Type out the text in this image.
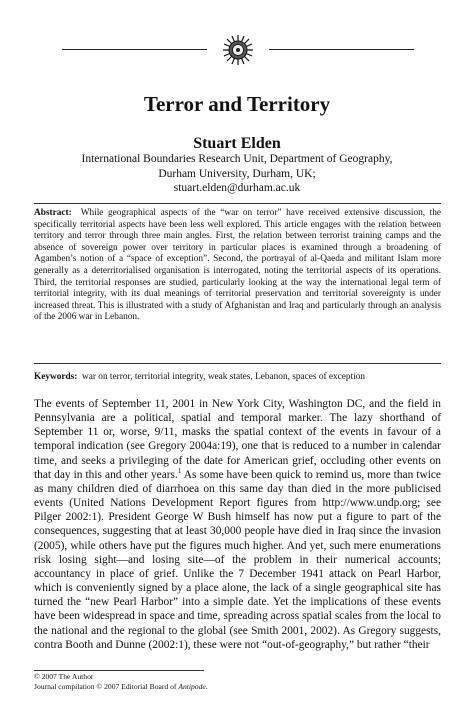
Terror and Territory
Stuart Elden
International Boundaries Research Unit, Department of Geography,
Durham University, Durham, UK;
stuart.elden@durham.ac.uk

Abstract: While geographical aspects of the “war on terror” have received extensive discussion, the specifically territorial aspects have been less well explored. This article engages with the relation between territory and terror through three main angles. First, the relation between terrorist training camps and the absence of sovereign power over territory in particular places is examined through a broadening of Agamben’s notion of a “space of exception”. Second, the portrayal of al-Qaeda and militant Islam more generally as a deterritorialised organisation is interrogated, noting the territorial aspects of its operations. Third, the territorial responses are studied, particularly looking at the way the international legal term of territorial integrity, with its dual meanings of territorial preservation and territorial sovereignty is under increased threat. This is illustrated with a study of Afghanistan and Iraq and particularly through an analysis of the 2006 war in Lebanon.

Keywords: war on terror, territorial integrity, weak states, Lebanon, spaces of exception

The events of September 11, 2001 in New York City, Washington DC, and the field in Pennsylvania are a political, spatial and temporal marker. The lazy shorthand of September 11 or, worse, 9/11, masks the spatial context of the events in favour of a temporal indication (see Gregory 2004a:19), one that is reduced to a number in calendar time, and seeks a privileging of the date for American grief, occluding other events on that day in this and other years.$^1$ As some have been quick to remind us, more than twice as many children died of diarrhoea on this same day than died in the more publicised events (United Nations Development Report figures from http://www.undp.org; see Pilger 2002:1). President George W Bush himself has now put a figure to part of the consequences, suggesting that at least 30,000 people have died in Iraq since the invasion (2005), while others have put the figures much higher. And yet, such mere enumerations risk losing sight—and losing site—of the problem in their numerical accounts; accountancy in place of grief. Unlike the 7 December 1941 attack on Pearl Harbor, which is conveniently signed by a place alone, the lack of a single geographical site has turned the “new Pearl Harbor” into a simple date. Yet the implications of these events have been widespread in space and time, spreading across spatial scales from the local to the national and the regional to the global (see Smith 2001, 2002). As Gregory suggests, contra Booth and Dunne (2002:1), these were not “out-of-geography,” but rather “their

© 2007 The Author
Journal compilation © 2007 Editorial Board of Antipode.
